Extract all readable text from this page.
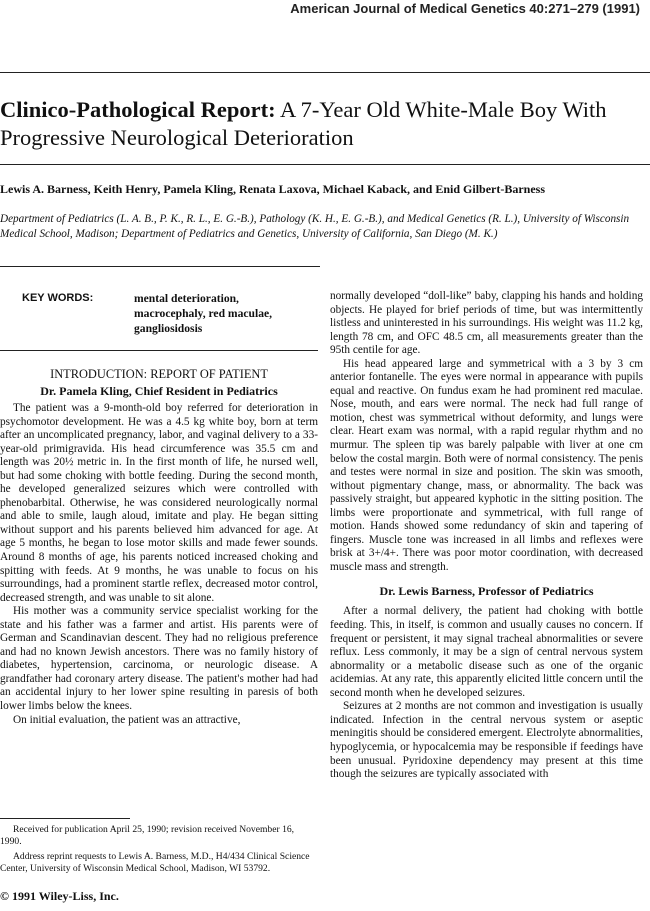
American Journal of Medical Genetics 40:271–279 (1991)
Clinico-Pathological Report: A 7-Year Old White-Male Boy With Progressive Neurological Deterioration
Lewis A. Barness, Keith Henry, Pamela Kling, Renata Laxova, Michael Kaback, and Enid Gilbert-Barness
Department of Pediatrics (L. A. B., P. K., R. L., E. G.-B.), Pathology (K. H., E. G.-B.), and Medical Genetics (R. L.), University of Wisconsin Medical School, Madison; Department of Pediatrics and Genetics, University of California, San Diego (M. K.)
KEY WORDS:	mental deterioration, macrocephaly, red maculae, gangliosidosis
INTRODUCTION: REPORT OF PATIENT
Dr. Pamela Kling, Chief Resident in Pediatrics

The patient was a 9-month-old boy referred for deterioration in psychomotor development. He was a 4.5 kg white boy, born at term after an uncomplicated pregnancy, labor, and vaginal delivery to a 33-year-old primigravida. His head circumference was 35.5 cm and length was 20½ metric in. In the first month of life, he nursed well, but had some choking with bottle feeding. During the second month, he developed generalized seizures which were controlled with phenobarbital. Otherwise, he was considered neurologically normal and able to smile, laugh aloud, imitate and play. He began sitting without support and his parents believed him advanced for age. At age 5 months, he began to lose motor skills and made fewer sounds. Around 8 months of age, his parents noticed increased choking and spitting with feeds. At 9 months, he was unable to focus on his surroundings, had a prominent startle reflex, decreased motor control, decreased strength, and was unable to sit alone.

His mother was a community service specialist working for the state and his father was a farmer and artist. His parents were of German and Scandinavian descent. They had no religious preference and had no known Jewish ancestors. There was no family history of diabetes, hypertension, carcinoma, or neurologic disease. A grandfather had coronary artery disease. The patient's mother had had an accidental injury to her lower spine resulting in paresis of both lower limbs below the knees.

On initial evaluation, the patient was an attractive,

normally developed “doll-like” baby, clapping his hands and holding objects. He played for brief periods of time, but was intermittently listless and uninterested in his surroundings. His weight was 11.2 kg, length 78 cm, and OFC 48.5 cm, all measurements greater than the 95th centile for age.

His head appeared large and symmetrical with a 3 by 3 cm anterior fontanelle. The eyes were normal in appearance with pupils equal and reactive. On fundus exam he had prominent red maculae. Nose, mouth, and ears were normal. The neck had full range of motion, chest was symmetrical without deformity, and lungs were clear. Heart exam was normal, with a rapid regular rhythm and no murmur. The spleen tip was barely palpable with liver at one cm below the costal margin. Both were of normal consistency. The penis and testes were normal in size and position. The skin was smooth, without pigmentary change, mass, or abnormality. The back was passively straight, but appeared kyphotic in the sitting position. The limbs were proportionate and symmetrical, with full range of motion. Hands showed some redundancy of skin and tapering of fingers. Muscle tone was increased in all limbs and reflexes were brisk at 3+/4+. There was poor motor coordination, with decreased muscle mass and strength.

Dr. Lewis Barness, Professor of Pediatrics

After a normal delivery, the patient had choking with bottle feeding. This, in itself, is common and usually causes no concern. If frequent or persistent, it may signal tracheal abnormalities or severe reflux. Less commonly, it may be a sign of central nervous system abnormality or a metabolic disease such as one of the organic acidemias. At any rate, this apparently elicited little concern until the second month when he developed seizures.

Seizures at 2 months are not common and investigation is usually indicated. Infection in the central nervous system or aseptic meningitis should be considered emergent. Electrolyte abnormalities, hypoglycemia, or hypocalcemia may be responsible if feedings have been unusual. Pyridoxine dependency may present at this time though the seizures are typically associated with

Received for publication April 25, 1990; revision received November 16, 1990.

Address reprint requests to Lewis A. Barness, M.D., H4/434 Clinical Science Center, University of Wisconsin Medical School, Madison, WI 53792.

© 1991 Wiley-Liss, Inc.
